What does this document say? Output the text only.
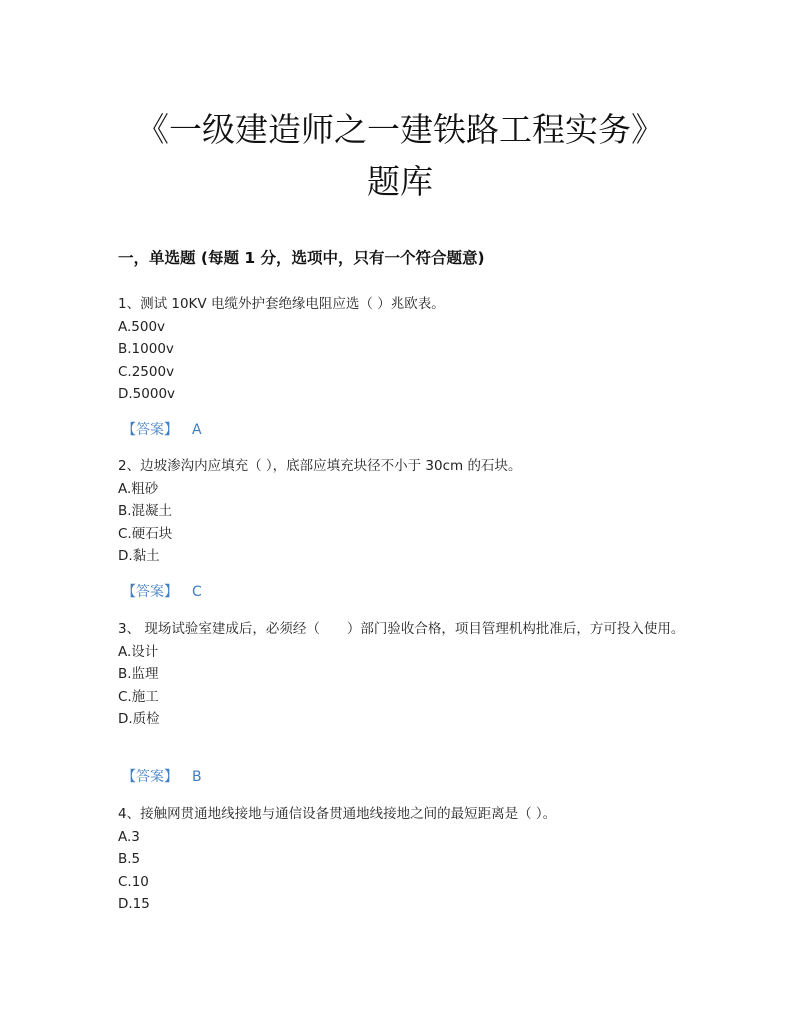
《一级建造师之一建铁路工程实务》
题库
一，单选题 (每题 1 分，选项中，只有一个符合题意)
1、测试 10KV 电缆外护套绝缘电阻应选（ ）兆欧表。
A.500v
B.1000v
C.2500v
D.5000v
【答案】 A
2、边坡渗沟内应填充（ ），底部应填充块径不小于 30cm 的石块。
A.粗砂
B.混凝土
C.硬石块
D.黏土
【答案】 C
3、 现场试验室建成后，必须经（　　）部门验收合格，项目管理机构批准后，方可投入使用。
A.设计
B.监理
C.施工
D.质检
【答案】 B
4、接触网贯通地线接地与通信设备贯通地线接地之间的最短距离是（ ）。
A.3
B.5
C.10
D.15
